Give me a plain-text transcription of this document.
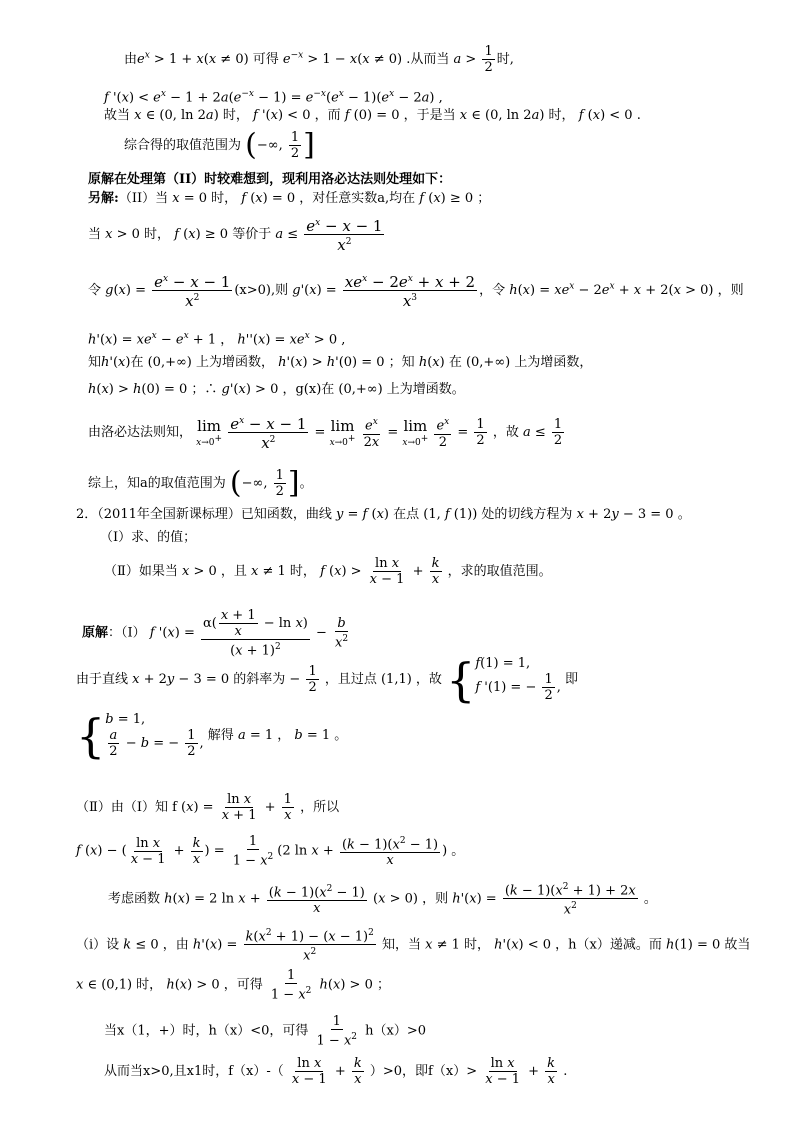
由$e^x > 1 + x(x \ne 0)$ 可得 $e^{-x} > 1 - x(x \ne 0)$ .从而当 $a > \frac{1}{2}$ 时,
f '$(x) < e^x - 1 + 2a(e^{-x} - 1) = e^{-x}(e^x - 1)(e^x - 2a)$ ,
故当 x ∈ (0, ln 2a) 时， f '(x) < 0 ，而 f (0) = 0 ，于是当 x ∈ (0, ln 2a) 时， f (x) < 0 .
综合得的取值范围为 (−∞, $\frac{1}{2}$ ]
原解在处理第（II）时较难想到，现利用洛必达法则处理如下：
另解:（II）当 x = 0 时， f (x) = 0 ，对任意实数a,均在 f (x) ≥ 0 ；
当 x > 0 时， f (x) ≥ 0 等价于 $a \le \frac{e^x - x - 1}{x^2}$
令 $g(x) = \frac{e^x - x - 1}{x^2} (x>0)$,则 $g'(x) = \frac{xe^x - 2e^x + x + 2}{x^3}$ ，令 $h(x) = xe^x - 2e^x + x + 2(x > 0)$ ，则
$h'(x) = xe^x - e^x + 1$ ， $h''(x) = xe^x > 0$ ,
知h'(x)在 (0,+∞) 上为增函数， h'(x) > h'(0) = 0 ；知 h(x) 在 (0,+∞) 上为增函数，
h(x) > h(0) = 0 ；∴ g'(x) > 0 ，g(x)在 (0,+∞) 上为增函数。
由洛必达法则知， lim
x→0+
$\frac{e^x - x - 1}{x^2} = \lim$
x→0+
$\frac{e^x}{2x} = \lim$
x→0+
$\frac{e^x}{2} = \frac{1}{2}$ ，故 $a \le \frac{1}{2}$
综上，知a的取值范围为 (−∞, $\frac{1}{2}$ ]。
2．（2011年全国新课标理）已知函数，曲线 y = f (x) 在点 (1, f (1)) 处的切线方程为 x + 2y − 3 = 0 。
（Ⅰ）求、的值；
（Ⅱ）如果当 x > 0 ，且 x ≠ 1 时， f $(x) > \frac{\text{ln x}}{x - 1} + \frac{k}{x}$ ，求的取值范围。
原解：（Ⅰ） f '$(x) = \frac{\alpha( \frac{x + 1}{x} - \ln x)}{(x + 1)^2} - \frac{b}{x^2}$
由于直线 x + 2y − 3 = 0 的斜率为 − $\frac{1}{2}$ ，且过点 (1,1) ，故 { f(1) = 1,
f '(1) = − $\frac{1}{2}$ ,
即
{ b = 1,
$\frac{a}{2} - b$ = − $\frac{1}{2}$ ,
解得 a = 1 ， b = 1 。
（Ⅱ）由（Ⅰ）知 f $(x) = \frac{\text{ln x}}{x + 1} + \frac{1}{x}$ ，所以
f (x) − ( $\frac{\text{ln x}}{x - 1} + \frac{k}{x}$ ) = $\frac{1}{1 - x^2} (2$ $\ln x + \frac{(k - 1)(x^2 - 1)}{x}$ ) 。
考虑函数 h(x) = 2 $\ln x + \frac{(k - 1)(x^2 - 1)}{x} (x > 0)$ ，则 $h'(x) = \frac{(k - 1)(x^2 + 1) + 2x}{x^2}$ 。
（i）设 k ≤ 0 ，由 $h'(x) = \frac{k(x^2 + 1) - (x - 1)^2}{x^2}$ 知，当 x ≠ 1 时， h'(x) < 0 ，h（x）递减。而 h(1) = 0 故当
x ∈ (0,1) 时， h(x) > 0 ，可得 $\frac{1}{1 - x^2} h(x) > 0$ ；
当x（1，+）时，h（x）<0，可得 $\frac{1}{1 - x^2} h(x)>0$
从而当x>0,且x1时，$f(x)-( \frac{\text{ln x}}{x - 1} + \frac{k}{x} )>0$，即$f(x)> \frac{\text{ln x}}{x - 1} + \frac{k}{x}$ .
